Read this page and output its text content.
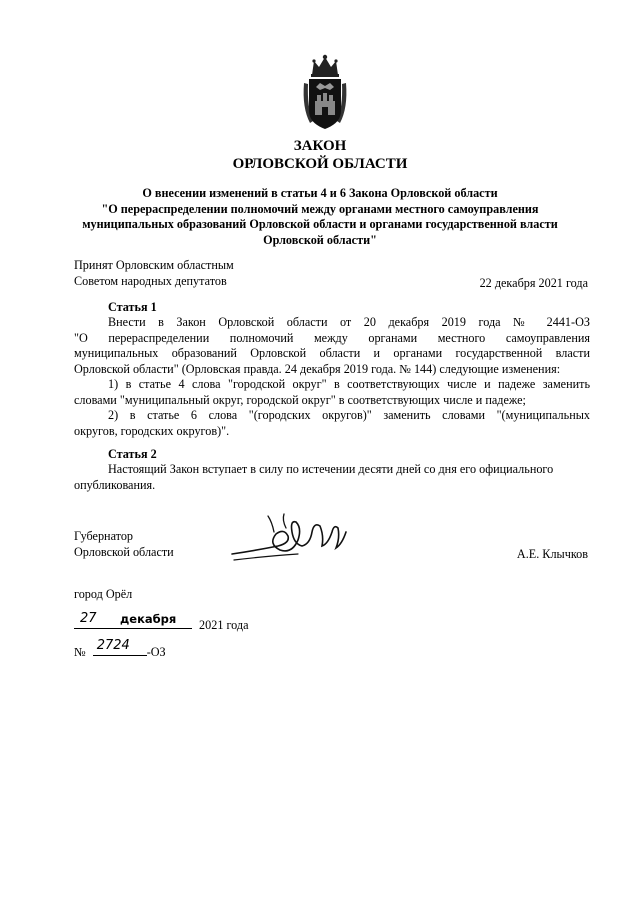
ЗАКОН
ОРЛОВСКОЙ ОБЛАСТИ
О внесении изменений в статьи 4 и 6 Закона Орловской области
"О перераспределении полномочий между органами местного самоуправления
муниципальных образований Орловской области и органами государственной власти
Орловской области"
Принят Орловским областным
Советом народных депутатов	22 декабря 2021 года
Статья 1
Внести в Закон Орловской области от 20 декабря 2019 года № 2441-ОЗ
"О перераспределении полномочий между органами местного самоуправления
муниципальных образований Орловской области и органами государственной власти
Орловской области" (Орловская правда. 24 декабря 2019 года. № 144) следующие изменения:
1) в статье 4 слова "городской округ" в соответствующих числе и падеже заменить
словами "муниципальный округ, городской округ" в соответствующих числе и падеже;
2) в статье 6 слова "(городских округов)" заменить словами "(муниципальных
округов, городских округов)".
Статья 2
Настоящий Закон вступает в силу по истечении десяти дней со дня его официального
опубликования.
Губернатор
Орловской области	А.Е. Клычков
город Орёл
27 декабря 2021 года
№ 2724 -ОЗ
